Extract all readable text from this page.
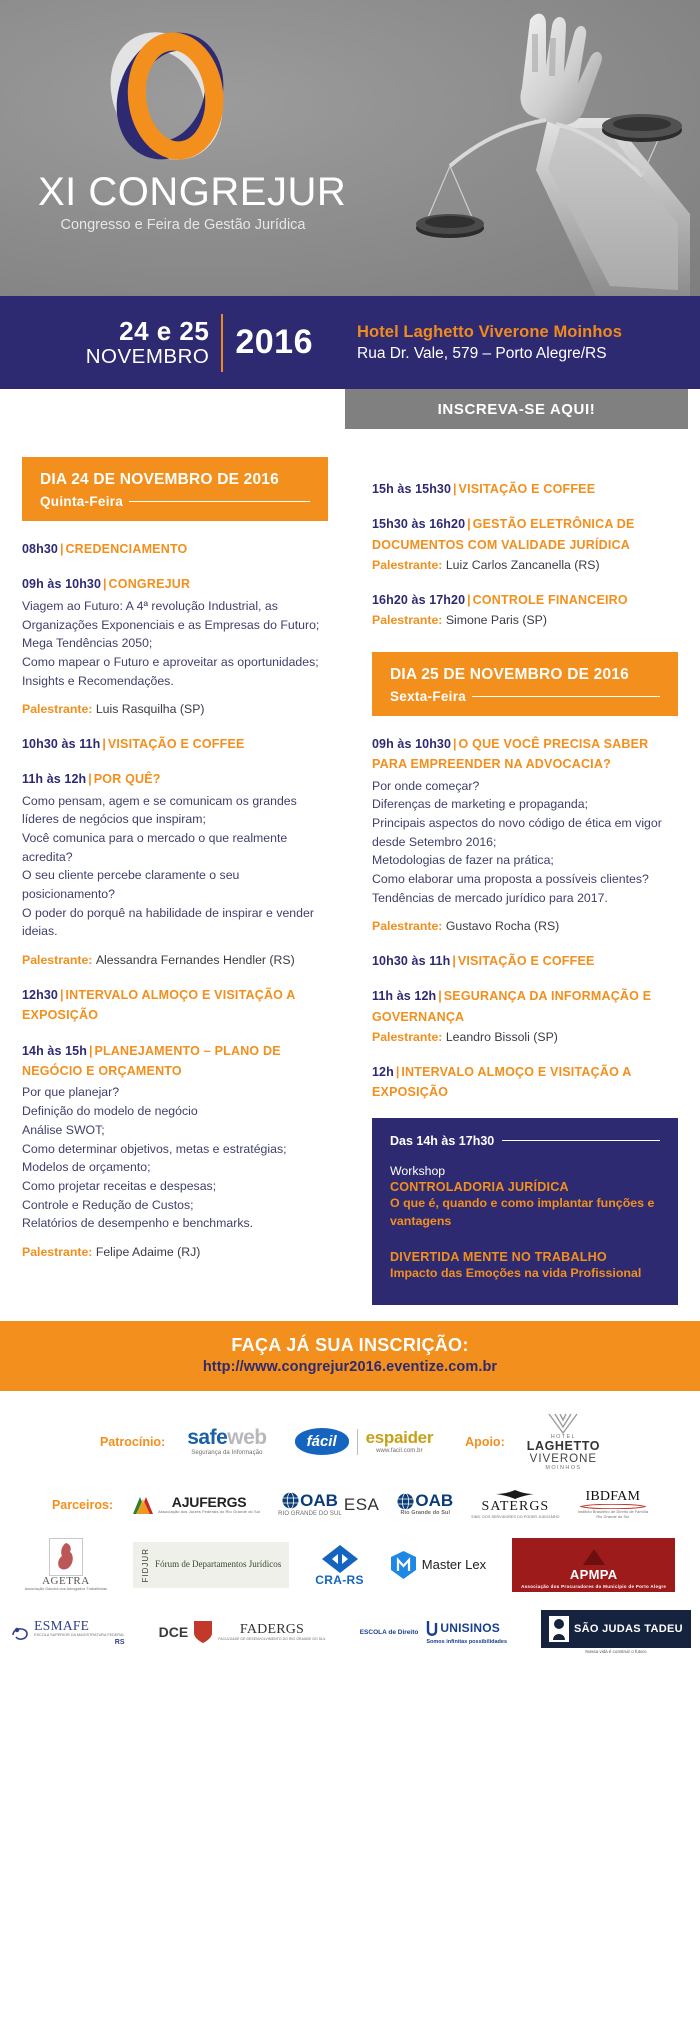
XI CONGREJUR
Congresso e Feira de Gestão Jurídica
24 e 25
NOVEMBRO 2016	Hotel Laghetto Viverone Moinhos
Rua Dr. Vale, 579 – Porto Alegre/RS
INSCREVA-SE AQUI!
DIA 24 DE NOVEMBRO DE 2016
Quinta-Feira
08h30 | CREDENCIAMENTO
09h às 10h30 | CONGREJUR
Viagem ao Futuro: A 4ª revolução Industrial, as Organizações Exponenciais e as Empresas do Futuro;
Mega Tendências 2050;
Como mapear o Futuro e aproveitar as oportunidades;
Insights e Recomendações.
Palestrante: Luis Rasquilha (SP)
10h30 às 11h | VISITAÇÃO E COFFEE
11h às 12h | POR QUÊ?
Como pensam, agem e se comunicam os grandes líderes de negócios que inspiram;
Você comunica para o mercado o que realmente acredita?
O seu cliente percebe claramente o seu posicionamento?
O poder do porquê na habilidade de inspirar e vender ideias.
Palestrante: Alessandra Fernandes Hendler (RS)
12h30 | INTERVALO ALMOÇO E VISITAÇÃO A EXPOSIÇÃO
14h às 15h | PLANEJAMENTO – PLANO DE NEGÓCIO E ORÇAMENTO
Por que planejar?
Definição do modelo de negócio
Análise SWOT;
Como determinar objetivos, metas e estratégias;
Modelos de orçamento;
Como projetar receitas e despesas;
Controle e Redução de Custos;
Relatórios de desempenho e benchmarks.
Palestrante: Felipe Adaime (RJ)
15h às 15h30 | VISITAÇÃO E COFFEE
15h30 às 16h20 | GESTÃO ELETRÔNICA DE DOCUMENTOS COM VALIDADE JURÍDICA
Palestrante: Luiz Carlos Zancanella (RS)
16h20 às 17h20 | CONTROLE FINANCEIRO
Palestrante: Simone Paris (SP)
DIA 25 DE NOVEMBRO DE 2016
Sexta-Feira
09h às 10h30 | O QUE VOCÊ PRECISA SABER PARA EMPREENDER NA ADVOCACIA?
Por onde começar?
Diferenças de marketing e propaganda;
Principais aspectos do novo código de ética em vigor desde Setembro 2016;
Metodologias de fazer na prática;
Como elaborar uma proposta a possíveis clientes?
Tendências de mercado jurídico para 2017.
Palestrante: Gustavo Rocha (RS)
10h30 às 11h | VISITAÇÃO E COFFEE
11h às 12h | SEGURANÇA DA INFORMAÇÃO E GOVERNANÇA
Palestrante: Leandro Bissoli (SP)
12h | INTERVALO ALMOÇO E VISITAÇÃO A EXPOSIÇÃO
Das 14h às 17h30
Workshop
CONTROLADORIA JURÍDICA
O que é, quando e como implantar funções e vantagens
DIVERTIDA MENTE NO TRABALHO
Impacto das Emoções na vida Profissional
FAÇA JÁ SUA INSCRIÇÃO:
http://www.congrejur2016.eventize.com.br
Patrocínio: safeweb
Segurança da Informação
fácil	espaider
www.facil.com.br
Apoio:	HOTEL
LAGHETTO
VIVERONE
MOINHOS
Parceiros:	AJUFERGS
Associação dos Juízes Federais do Rio Grande do Sul
OAB
RIO GRANDE DO SUL
ESA OAB
Rio Grande do Sul SATERGS
SIND. DOS SERVIDORES DO PODER JUDICIÁRIO
IBDFAM
Instituto Brasileiro de Direito de Família
Rio Grande do Sul
AGETRA
Associação Gaúcha dos Advogados Trabalhistas
FIDJUR Fórum de Departamentos Jurídicos
CRA-RS
Master Lex
APMPA
Associação dos Procuradores do Município de Porto Alegre
ESMAFE
ESCOLA SUPERIOR DA MAGISTRATURA FEDERAL
RS
DCE	FADERGS
FACULDADE DE DESENVOLVIMENTO DO RIO GRANDE DO SUL
ESCOLA de Direito UNISINOS
Somos infinitas possibilidades
SÃO JUDAS TADEU
Nossa vida é construir o futuro
